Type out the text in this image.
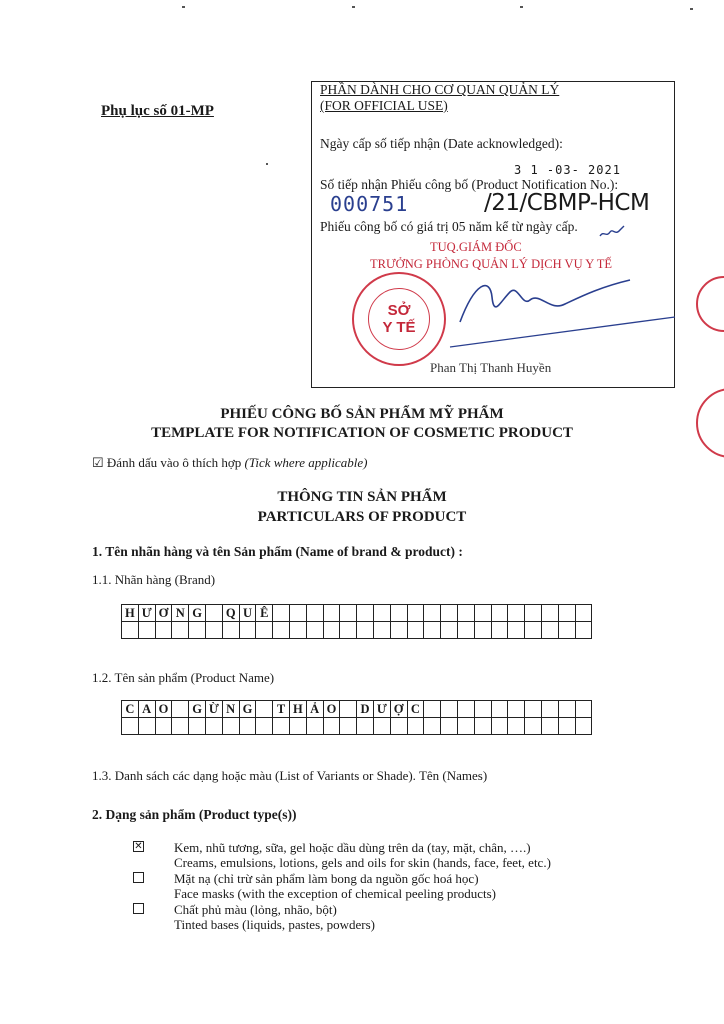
Phụ lục số 01-MP
PHẦN DÀNH CHO CƠ QUAN QUẢN LÝ
(FOR OFFICIAL USE)
Ngày cấp số tiếp nhận (Date acknowledged):
3 1 -03- 2021
Số tiếp nhận Phiếu công bố (Product Notification No.):
000751	/21/CBMP-HCM
Phiếu công bố có giá trị 05 năm kể từ ngày cấp.
TUQ.GIÁM ĐỐC
TRƯỞNG PHÒNG QUẢN LÝ DỊCH VỤ Y TẾ
SỞ
Y TẾ
Phan Thị Thanh Huyền
PHIẾU CÔNG BỐ SẢN PHẨM MỸ PHẨM
TEMPLATE FOR NOTIFICATION OF COSMETIC PRODUCT
☑ Đánh dấu vào ô thích hợp (Tick where applicable)
THÔNG TIN SẢN PHẨM
PARTICULARS OF PRODUCT
1. Tên nhãn hàng và tên Sản phẩm (Name of brand & product) :
1.1. Nhãn hàng (Brand)
H	Ư	Ơ	N	G		Q	U	Ê																			

1.2. Tên sản phẩm (Product Name)
C	A	O		G	Ừ	N	G		T	H	Ả	O		D	Ư	Ợ	C										

1.3. Danh sách các dạng hoặc màu (List of Variants or Shade). Tên (Names)
2. Dạng sản phẩm (Product type(s))
✕ Kem, nhũ tương, sữa, gel hoặc dầu dùng trên da (tay, mặt, chân, ….)
Creams, emulsions, lotions, gels and oils for skin (hands, face, feet, etc.)
Mặt nạ (chỉ trừ sản phẩm làm bong da nguồn gốc hoá học)
Face masks (with the exception of chemical peeling products)
Chất phủ màu (lỏng, nhão, bột)
Tinted bases (liquids, pastes, powders)
